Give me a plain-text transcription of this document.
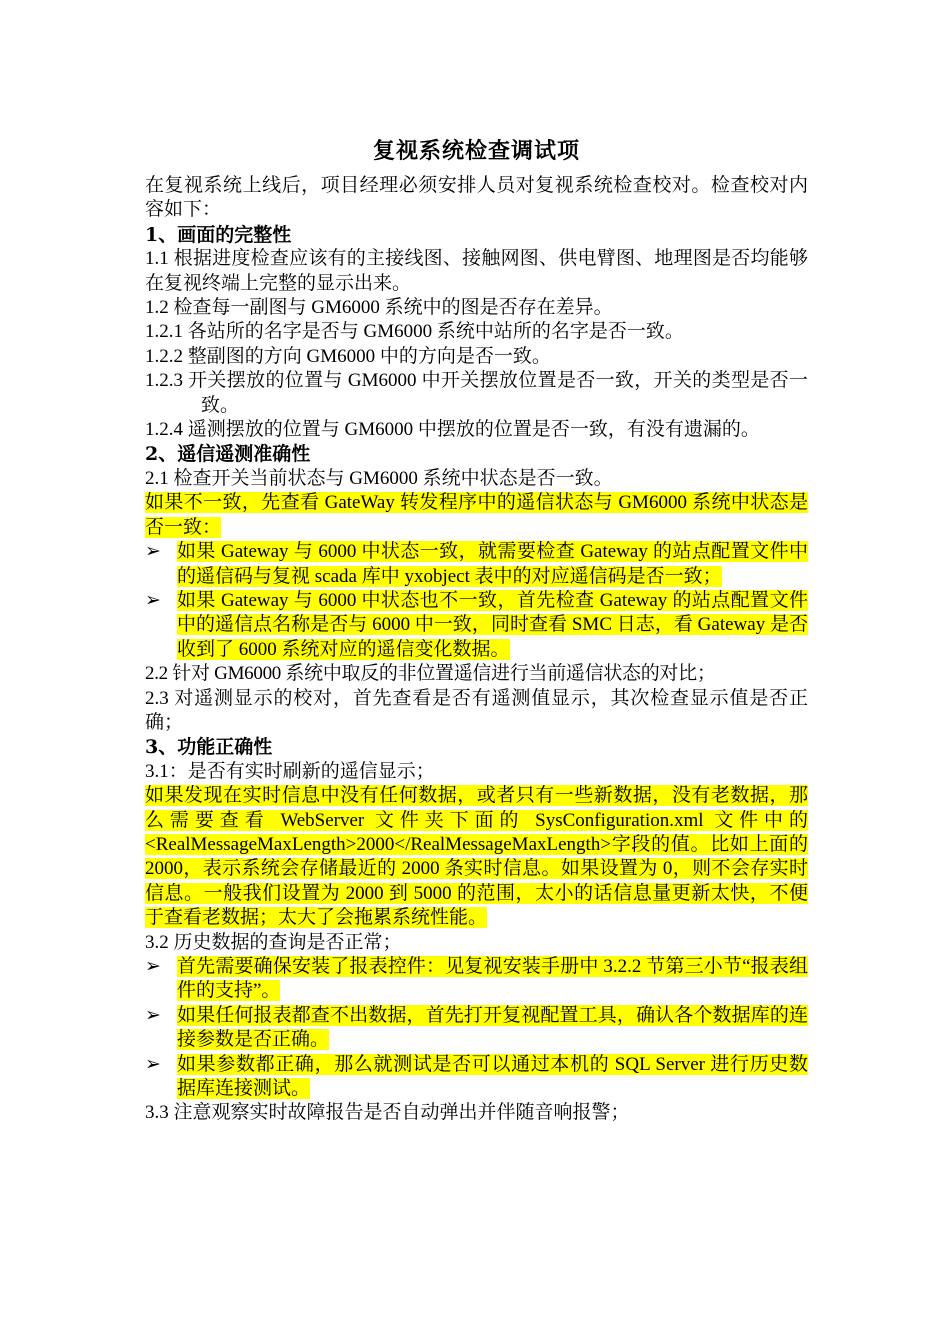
复视系统检查调试项

在复视系统上线后，项目经理必须安排人员对复视系统检查校对。检查校对内容如下：

1、画面的完整性

1.1 根据进度检查应该有的主接线图、接触网图、供电臂图、地理图是否均能够在复视终端上完整的显示出来。

1.2 检查每一副图与 GM6000 系统中的图是否存在差异。

1.2.1 各站所的名字是否与 GM6000 系统中站所的名字是否一致。

1.2.2 整副图的方向 GM6000 中的方向是否一致。

1.2.3 开关摆放的位置与 GM6000 中开关摆放位置是否一致，开关的类型是否一致。

1.2.4 遥测摆放的位置与 GM6000 中摆放的位置是否一致，有没有遗漏的。

2、遥信遥测准确性

2.1 检查开关当前状态与 GM6000 系统中状态是否一致。

如果不一致，先查看 GateWay 转发程序中的遥信状态与 GM6000 系统中状态是否一致：

➢ 如果 Gateway 与 6000 中状态一致，就需要检查 Gateway 的站点配置文件中的遥信码与复视 scada 库中 yxobject 表中的对应遥信码是否一致；
➢ 如果 Gateway 与 6000 中状态也不一致，首先检查 Gateway 的站点配置文件中的遥信点名称是否与 6000 中一致，同时查看 SMC 日志，看 Gateway 是否收到了 6000 系统对应的遥信变化数据。

2.2 针对 GM6000 系统中取反的非位置遥信进行当前遥信状态的对比；

2.3 对遥测显示的校对，首先查看是否有遥测值显示，其次检查显示值是否正确；

3、功能正确性

3.1：是否有实时刷新的遥信显示；

如果发现在实时信息中没有任何数据，或者只有一些新数据，没有老数据，那么需要查看 WebServer 文件夹下面的 SysConfiguration.xml 文件中的<RealMessageMaxLength>2000</RealMessageMaxLength>字段的值。比如上面的 2000，表示系统会存储最近的 2000 条实时信息。如果设置为 0，则不会存实时信息。一般我们设置为 2000 到 5000 的范围，太小的话信息量更新太快，不便于查看老数据；太大了会拖累系统性能。

3.2 历史数据的查询是否正常；

➢ 首先需要确保安装了报表控件：见复视安装手册中 3.2.2 节第三小节“报表组件的支持”。
➢ 如果任何报表都查不出数据，首先打开复视配置工具，确认各个数据库的连接参数是否正确。
➢ 如果参数都正确，那么就测试是否可以通过本机的 SQL Server 进行历史数据库连接测试。

3.3 注意观察实时故障报告是否自动弹出并伴随音响报警；
